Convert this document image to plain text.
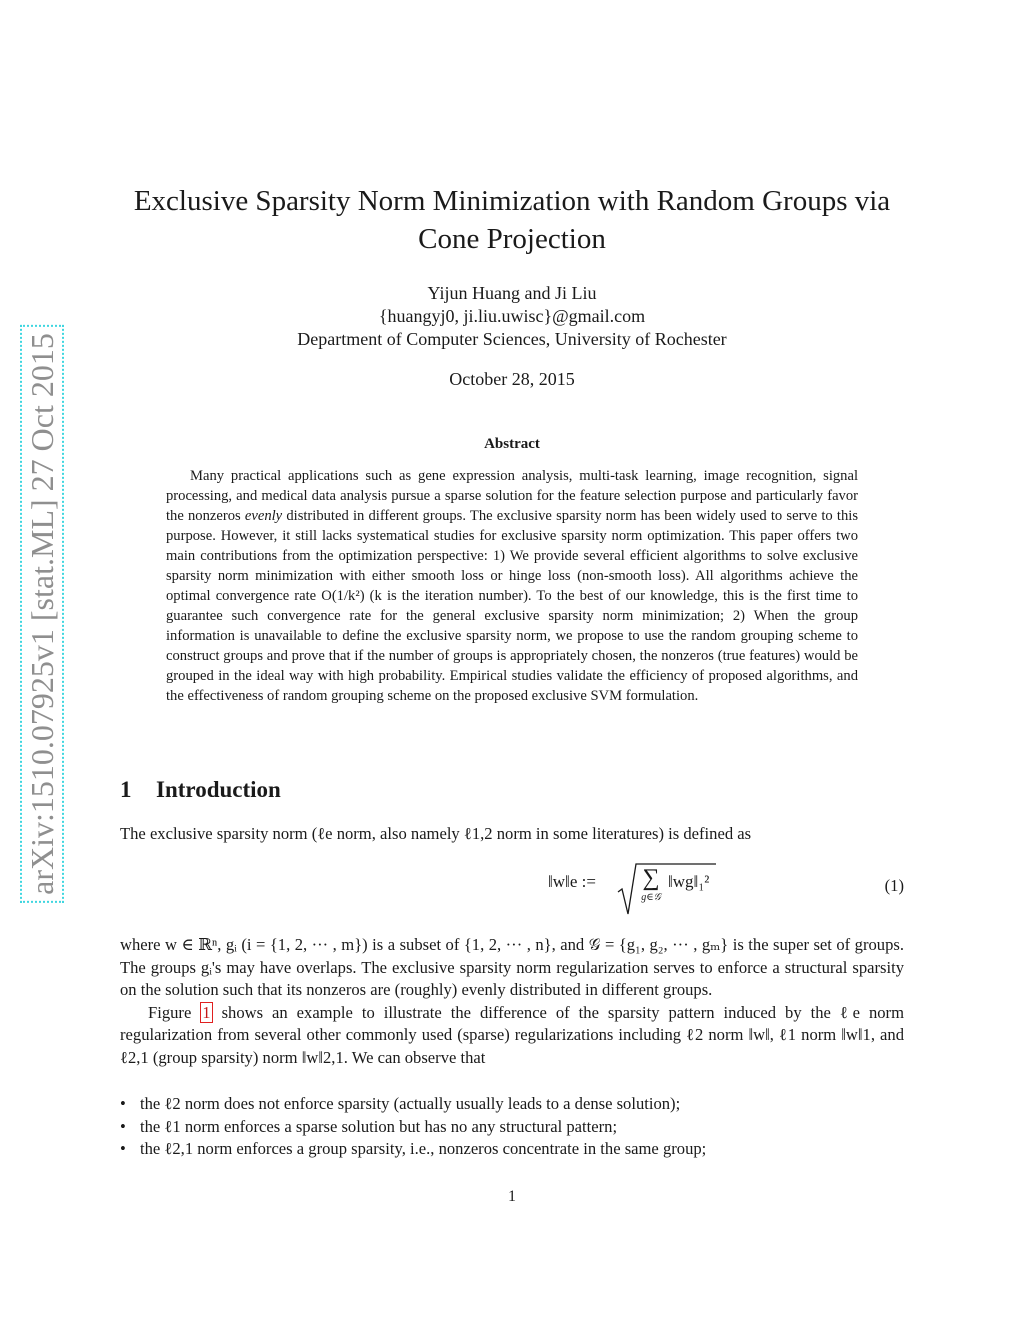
arXiv:1510.07925v1 [stat.ML] 27 Oct 2015
Exclusive Sparsity Norm Minimization with Random Groups via Cone Projection
Yijun Huang and Ji Liu
{huangyj0, ji.liu.uwisc}@gmail.com
Department of Computer Sciences, University of Rochester
October 28, 2015
Abstract

Many practical applications such as gene expression analysis, multi-task learning, image recognition, signal processing, and medical data analysis pursue a sparse solution for the feature selection purpose and particularly favor the nonzeros evenly distributed in different groups. The exclusive sparsity norm has been widely used to serve to this purpose. However, it still lacks systematical studies for exclusive sparsity norm optimization. This paper offers two main contributions from the optimization perspective: 1) We provide several efficient algorithms to solve exclusive sparsity norm minimization with either smooth loss or hinge loss (non-smooth loss). All algorithms achieve the optimal convergence rate O(1/k²) (k is the iteration number). To the best of our knowledge, this is the first time to guarantee such convergence rate for the general exclusive sparsity norm minimization; 2) When the group information is unavailable to define the exclusive sparsity norm, we propose to use the random grouping scheme to construct groups and prove that if the number of groups is appropriately chosen, the nonzeros (true features) would be grouped in the ideal way with high probability. Empirical studies validate the efficiency of proposed algorithms, and the effectiveness of random grouping scheme on the proposed exclusive SVM formulation.

1 Introduction

The exclusive sparsity norm (ℓe norm, also namely ℓ1,2 norm in some literatures) is defined as

‖w‖e := ∑
g∈𝒢
‖wg‖₁²	(1)

where w ∈ ℝⁿ, gᵢ (i = {1, 2, ··· , m}) is a subset of {1, 2, ··· , n}, and 𝒢 = {g₁, g₂, ··· , gₘ} is the super set of groups. The groups gᵢ's may have overlaps. The exclusive sparsity norm regularization serves to enforce a structural sparsity on the solution such that its nonzeros are (roughly) evenly distributed in different groups.

Figure 1 shows an example to illustrate the difference of the sparsity pattern induced by the ℓe norm regularization from several other commonly used (sparse) regularizations including ℓ2 norm ‖w‖, ℓ1 norm ‖w‖1, and ℓ2,1 (group sparsity) norm ‖w‖2,1. We can observe that

• the ℓ2 norm does not enforce sparsity (actually usually leads to a dense solution);
• the ℓ1 norm enforces a sparse solution but has no any structural pattern;
• the ℓ2,1 norm enforces a group sparsity, i.e., nonzeros concentrate in the same group;
1
